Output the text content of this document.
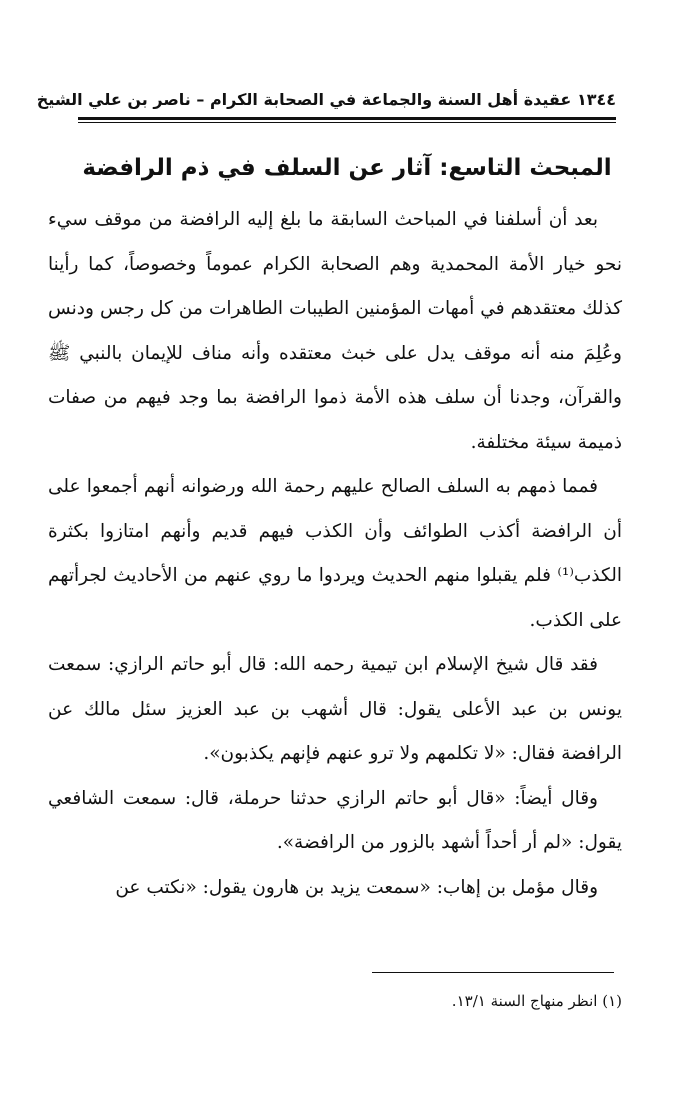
١٣٤٤ عقيدة أهل السنة والجماعة في الصحابة الكرام – ناصر بن علي الشيخ
المبحث التاسع: آثار عن السلف في ذم الرافضة

بعد أن أسلفنا في المباحث السابقة ما بلغ إليه الرافضة من موقف سيء نحو خيار الأمة المحمدية وهم الصحابة الكرام عموماً وخصوصاً، كما رأينا كذلك معتقدهم في أمهات المؤمنين الطيبات الطاهرات من كل رجس ودنس وعُلِمَ منه أنه موقف يدل على خبث معتقده وأنه مناف للإيمان بالنبي ﷺ والقرآن، وجدنا أن سلف هذه الأمة ذموا الرافضة بما وجد فيهم من صفات ذميمة سيئة مختلفة.

فمما ذمهم به السلف الصالح عليهم رحمة الله ورضوانه أنهم أجمعوا على أن الرافضة أكذب الطوائف وأن الكذب فيهم قديم وأنهم امتازوا بكثرة الكذب⁽¹⁾ فلم يقبلوا منهم الحديث ويردوا ما روي عنهم من الأحاديث لجرأتهم على الكذب.

فقد قال شيخ الإسلام ابن تيمية رحمه الله: قال أبو حاتم الرازي: سمعت يونس بن عبد الأعلى يقول: قال أشهب بن عبد العزيز سئل مالك عن الرافضة فقال: «لا تكلمهم ولا ترو عنهم فإنهم يكذبون».

وقال أيضاً: «قال أبو حاتم الرازي حدثنا حرملة، قال: سمعت الشافعي يقول: «لم أر أحداً أشهد بالزور من الرافضة».

وقال مؤمل بن إهاب: «سمعت يزيد بن هارون يقول: «نكتب عن

(١) انظر منهاج السنة ١٣/١.
